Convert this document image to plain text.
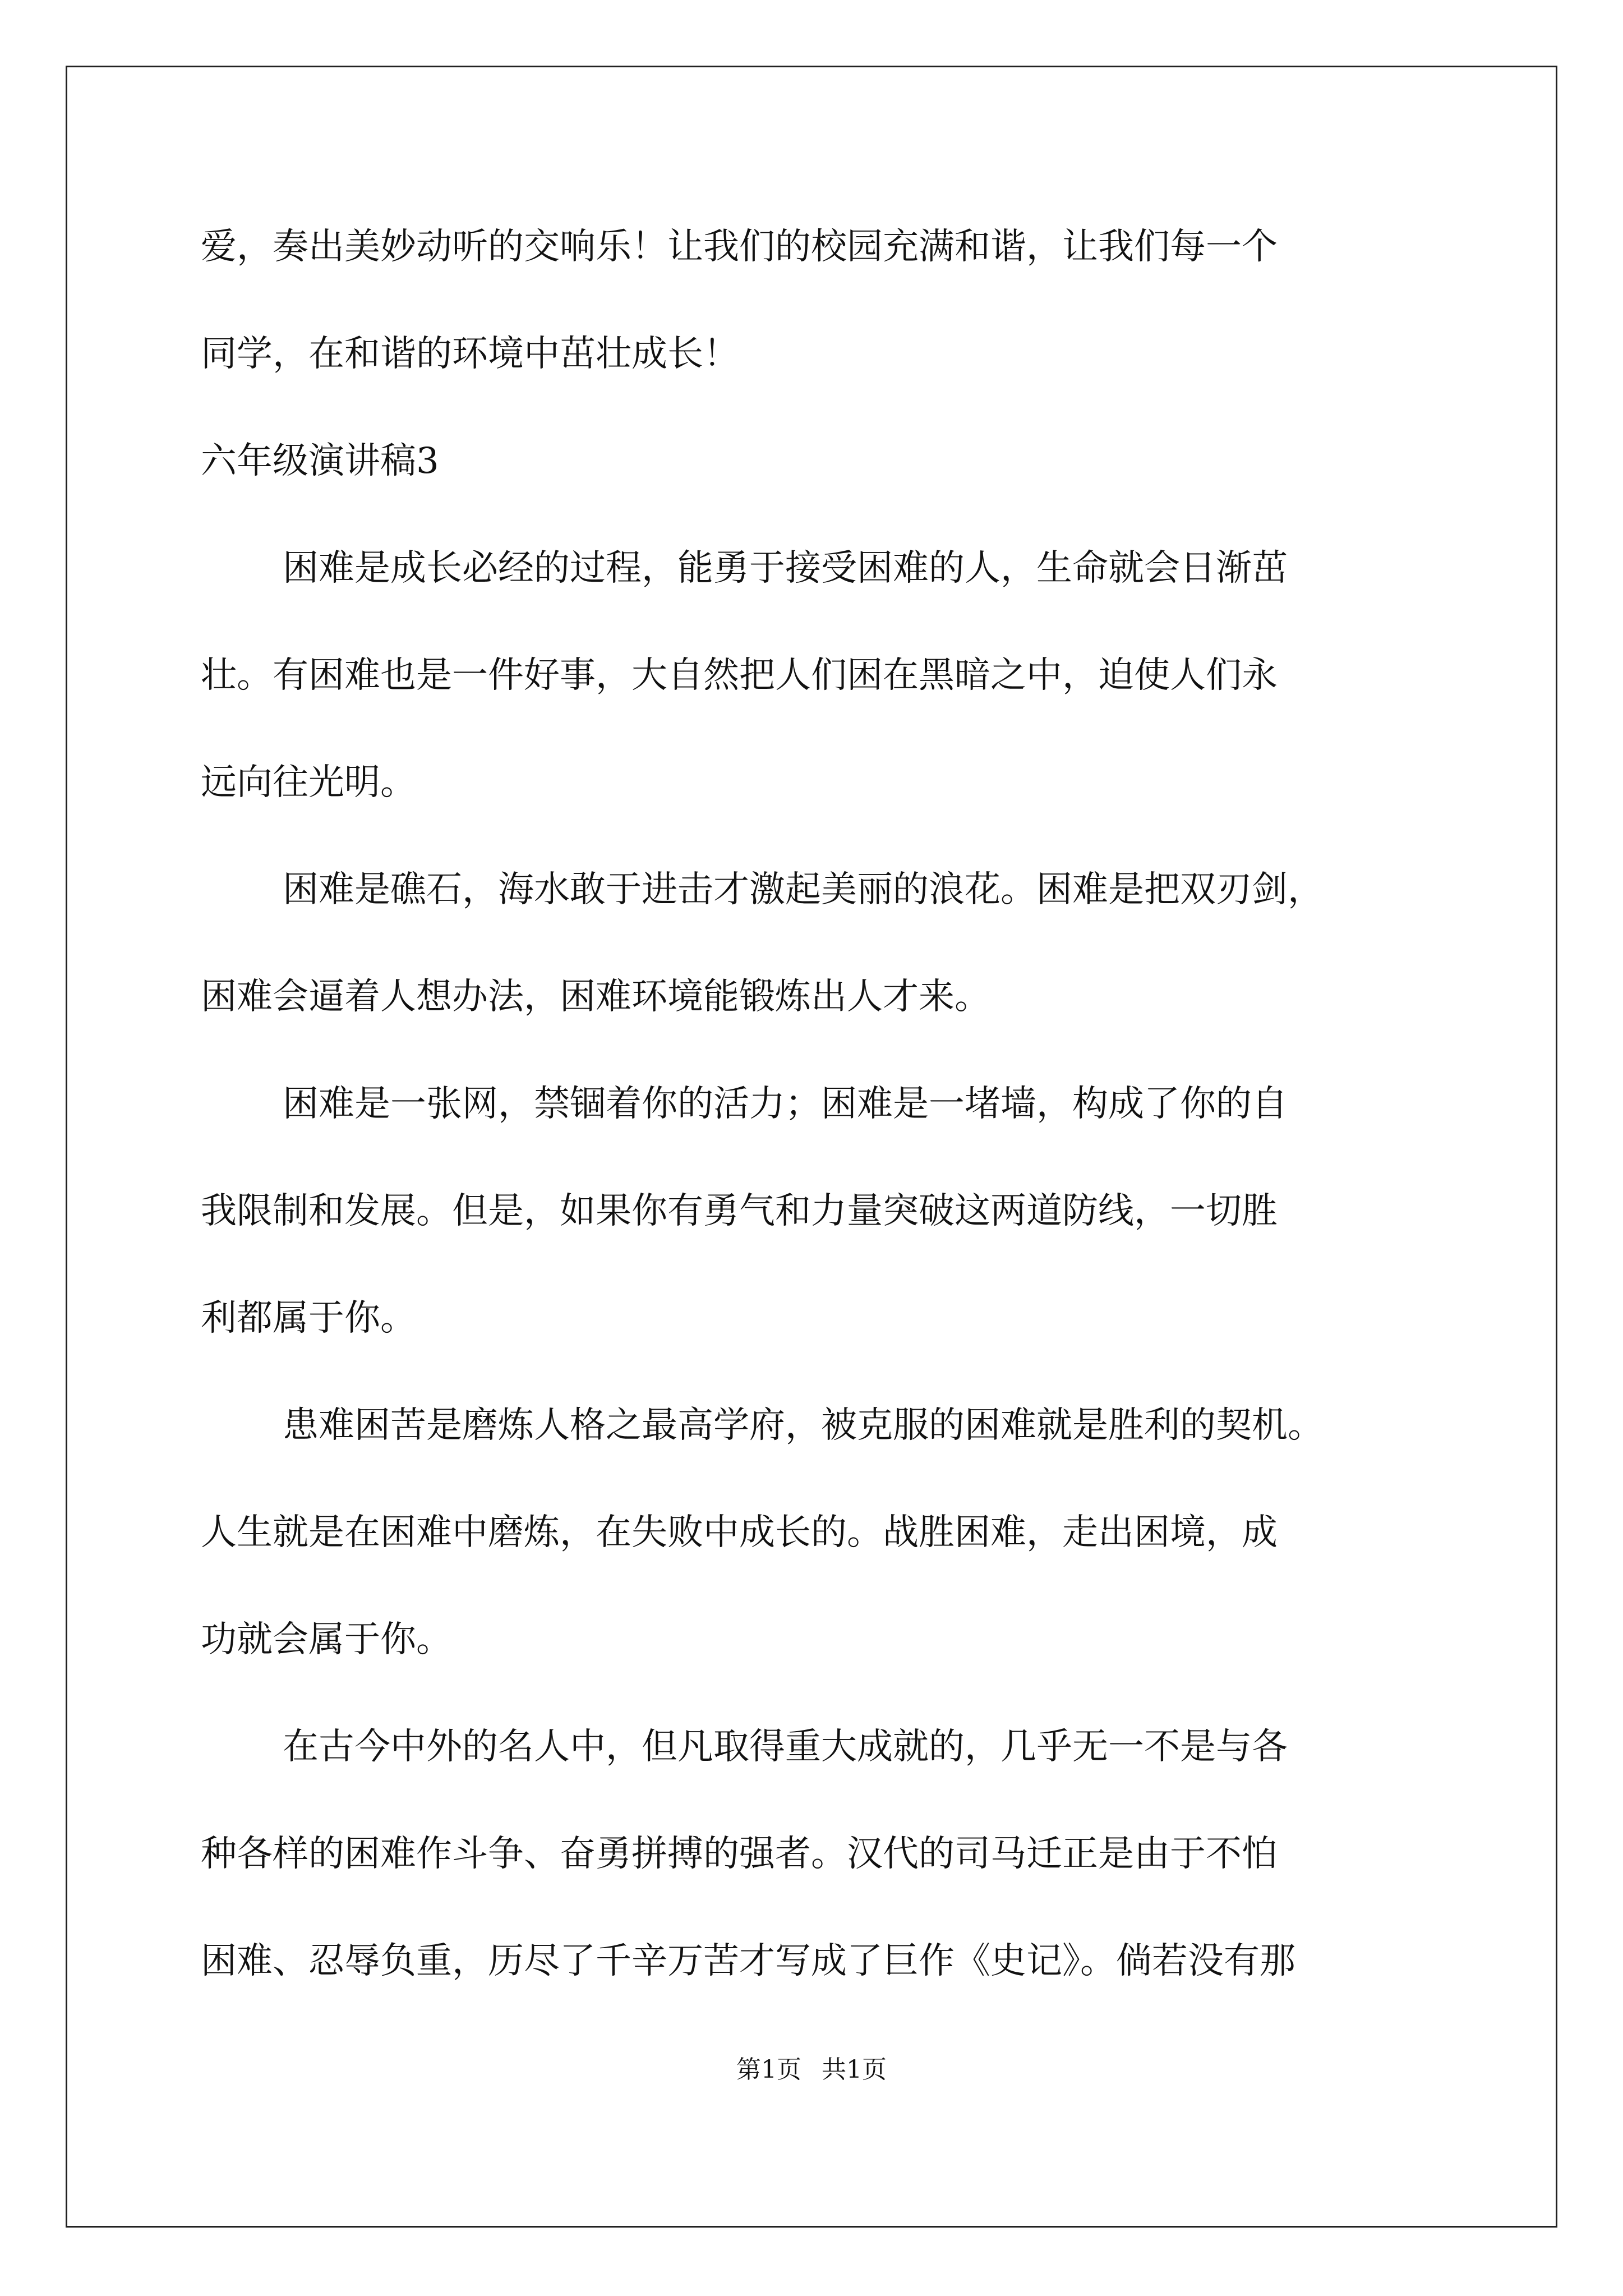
爱，奏出美妙动听的交响乐！让我们的校园充满和谐，让我们每一个
同学，在和谐的环境中茁壮成长！
六年级演讲稿3
困难是成长必经的过程，能勇于接受困难的人，生命就会日渐茁
壮。有困难也是一件好事，大自然把人们困在黑暗之中，迫使人们永
远向往光明。
困难是礁石，海水敢于进击才激起美丽的浪花。困难是把双刃剑，
困难会逼着人想办法，困难环境能锻炼出人才来。
困难是一张网，禁锢着你的活力；困难是一堵墙，构成了你的自
我限制和发展。但是，如果你有勇气和力量突破这两道防线，一切胜
利都属于你。
患难困苦是磨炼人格之最高学府，被克服的困难就是胜利的契机。
人生就是在困难中磨炼，在失败中成长的。战胜困难，走出困境，成
功就会属于你。
在古今中外的名人中，但凡取得重大成就的，几乎无一不是与各
种各样的困难作斗争、奋勇拼搏的强者。汉代的司马迁正是由于不怕
困难、忍辱负重，历尽了千辛万苦才写成了巨作《史记》。倘若没有那
第1页 共1页
